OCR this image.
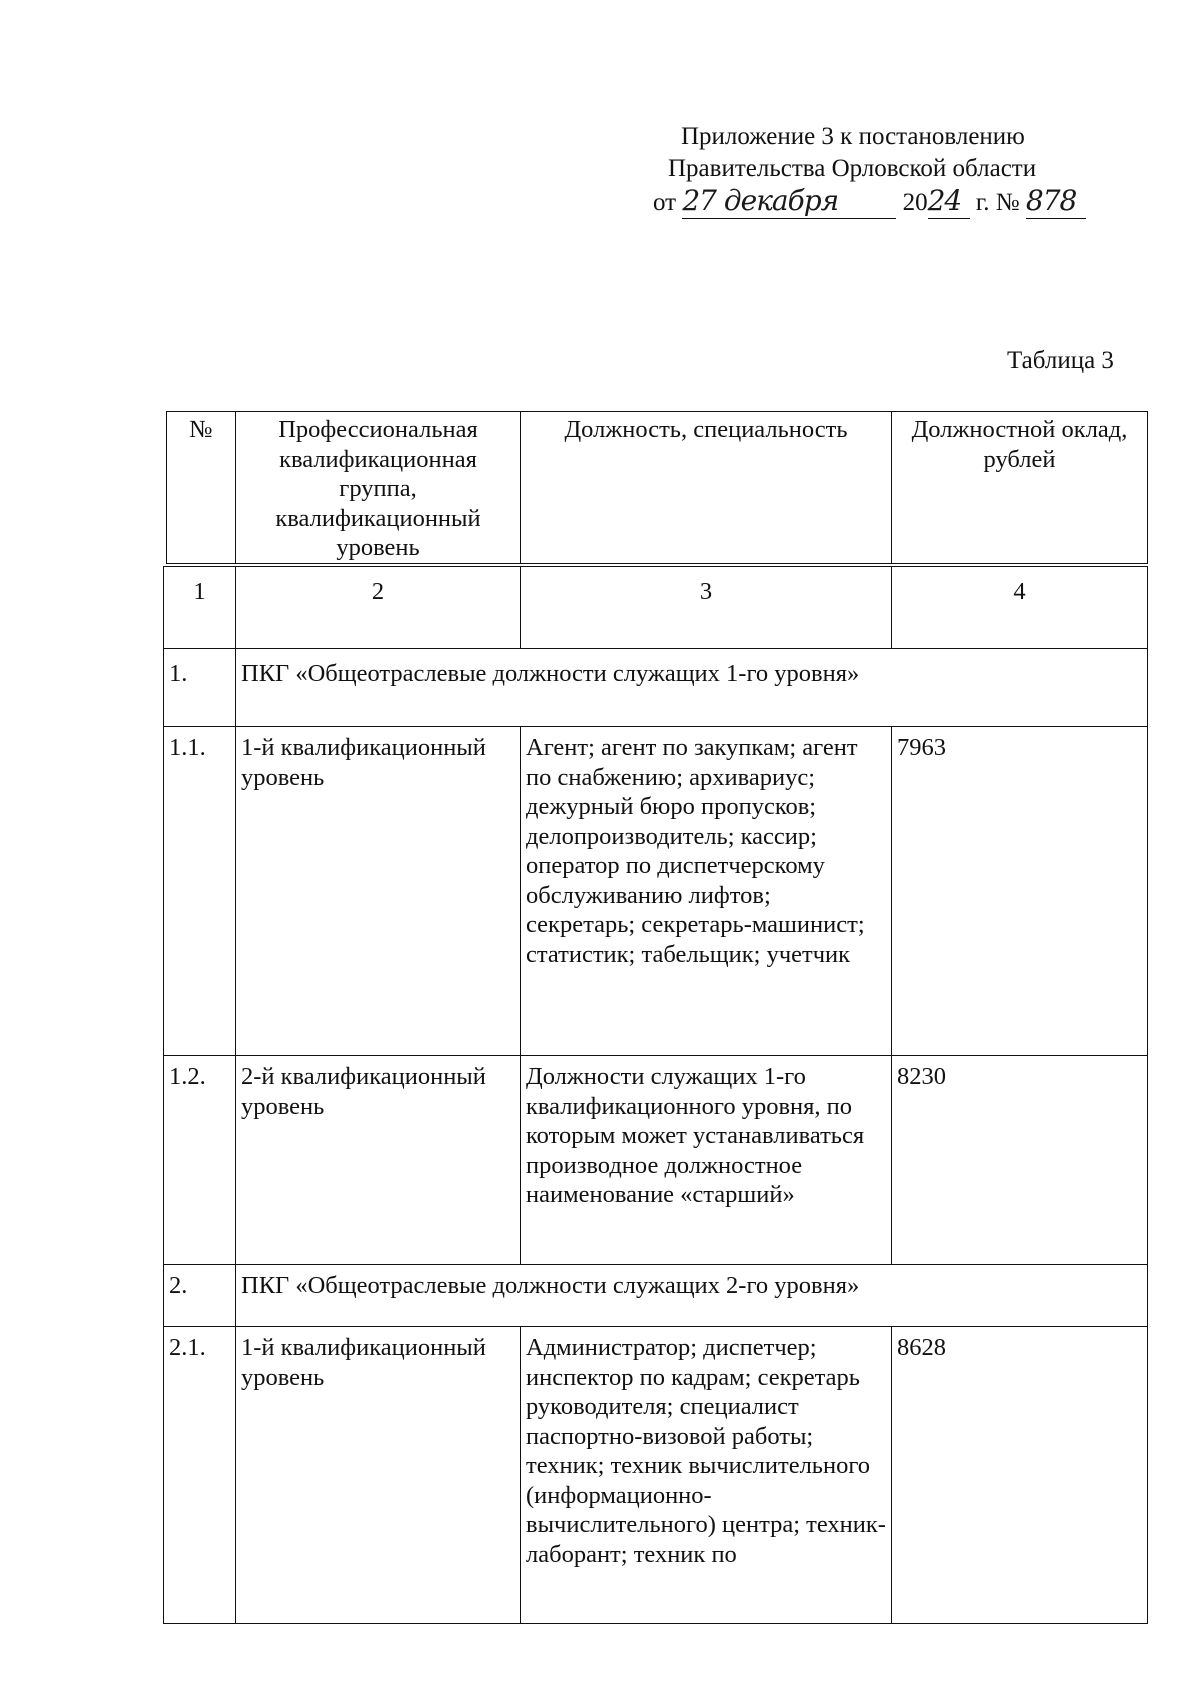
Приложение 3 к постановлению
Правительства Орловской области
от 27 декабря	2024 г. № 878
Таблица 3
№	Профессиональная квалификационная группа, квалификационный уровень	Должность, специальность	Должностной оклад, рублей
1	2	3	4
1.	ПКГ «Общеотраслевые должности служащих 1-го уровня»		
1.1.	1-й квалификационный уровень	Агент; агент по закупкам; агент по снабжению; архивариус; дежурный бюро пропусков; делопроизводитель; кассир; оператор по диспетчерскому обслуживанию лифтов; секретарь; секретарь-машинист; статистик; табельщик; учетчик	7963
1.2.	2-й квалификационный уровень	Должности служащих 1-го квалификационного уровня, по которым может устанавливаться производное должностное наименование «старший»	8230
2.	ПКГ «Общеотраслевые должности служащих 2-го уровня»		
2.1.	1-й квалификационный уровень	Администратор; диспетчер; инспектор по кадрам; секретарь руководителя; специалист паспортно-визовой работы; техник; техник вычислительного (информационно-вычислительного) центра; техник-лаборант; техник по	8628
